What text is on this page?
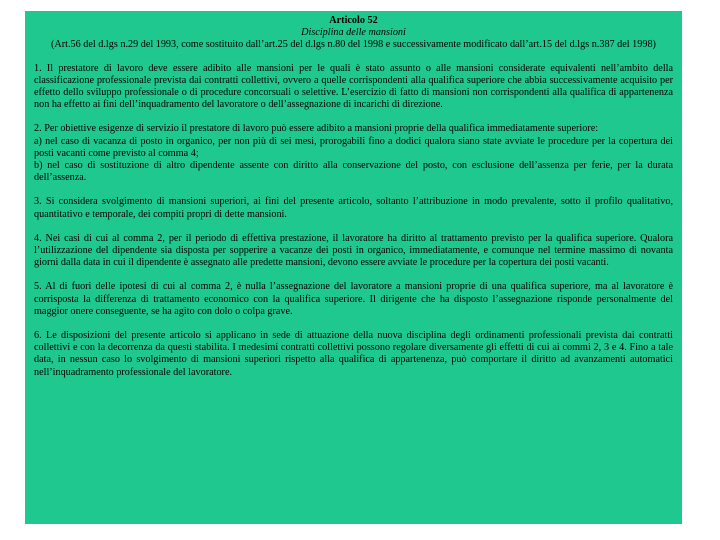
Articolo 52
Disciplina delle mansioni
(Art.56 del d.lgs n.29 del 1993, come sostituito dall’art.25 del d.lgs n.80 del 1998 e successivamente modificato dall’art.15 del d.lgs n.387 del 1998)

1. Il prestatore di lavoro deve essere adibito alle mansioni per le quali è stato assunto o alle mansioni considerate equivalenti nell’ambito della classificazione professionale prevista dai contratti collettivi, ovvero a quelle corrispondenti alla qualifica superiore che abbia successivamente acquisito per effetto dello sviluppo professionale o di procedure concorsuali o selettive. L’esercizio di fatto di mansioni non corrispondenti alla qualifica di appartenenza non ha effetto ai fini dell’inquadramento del lavoratore o dell’assegnazione di incarichi di direzione.

2. Per obiettive esigenze di servizio il prestatore di lavoro può essere adibito a mansioni proprie della qualifica immediatamente superiore:
a) nel caso di vacanza di posto in organico, per non più di sei mesi, prorogabili fino a dodici qualora siano state avviate le procedure per la copertura dei posti vacanti come previsto al comma 4;
b) nel caso di sostituzione di altro dipendente assente con diritto alla conservazione del posto, con esclusione dell’assenza per ferie, per la durata dell’assenza.

3. Si considera svolgimento di mansioni superiori, ai fini del presente articolo, soltanto l’attribuzione in modo prevalente, sotto il profilo qualitativo, quantitativo e temporale, dei compiti propri di dette mansioni.

4. Nei casi di cui al comma 2, per il periodo di effettiva prestazione, il lavoratore ha diritto al trattamento previsto per la qualifica superiore. Qualora l’utilizzazione del dipendente sia disposta per sopperire a vacanze dei posti in organico, immediatamente, e comunque nel termine massimo di novanta giorni dalla data in cui il dipendente è assegnato alle predette mansioni, devono essere avviate le procedure per la copertura dei posti vacanti.

5. Al di fuori delle ipotesi di cui al comma 2, è nulla l’assegnazione del lavoratore a mansioni proprie di una qualifica superiore, ma al lavoratore è corrisposta la differenza di trattamento economico con la qualifica superiore. Il dirigente che ha disposto l’assegnazione risponde personalmente del maggior onere conseguente, se ha agito con dolo o colpa grave.

6. Le disposizioni del presente articolo si applicano in sede di attuazione della nuova disciplina degli ordinamenti professionali prevista dai contratti collettivi e con la decorrenza da questi stabilita. I medesimi contratti collettivi possono regolare diversamente gli effetti di cui ai commi 2, 3 e 4. Fino a tale data, in nessun caso lo svolgimento di mansioni superiori rispetto alla qualifica di appartenenza, può comportare il diritto ad avanzamenti automatici nell’inquadramento professionale del lavoratore.
